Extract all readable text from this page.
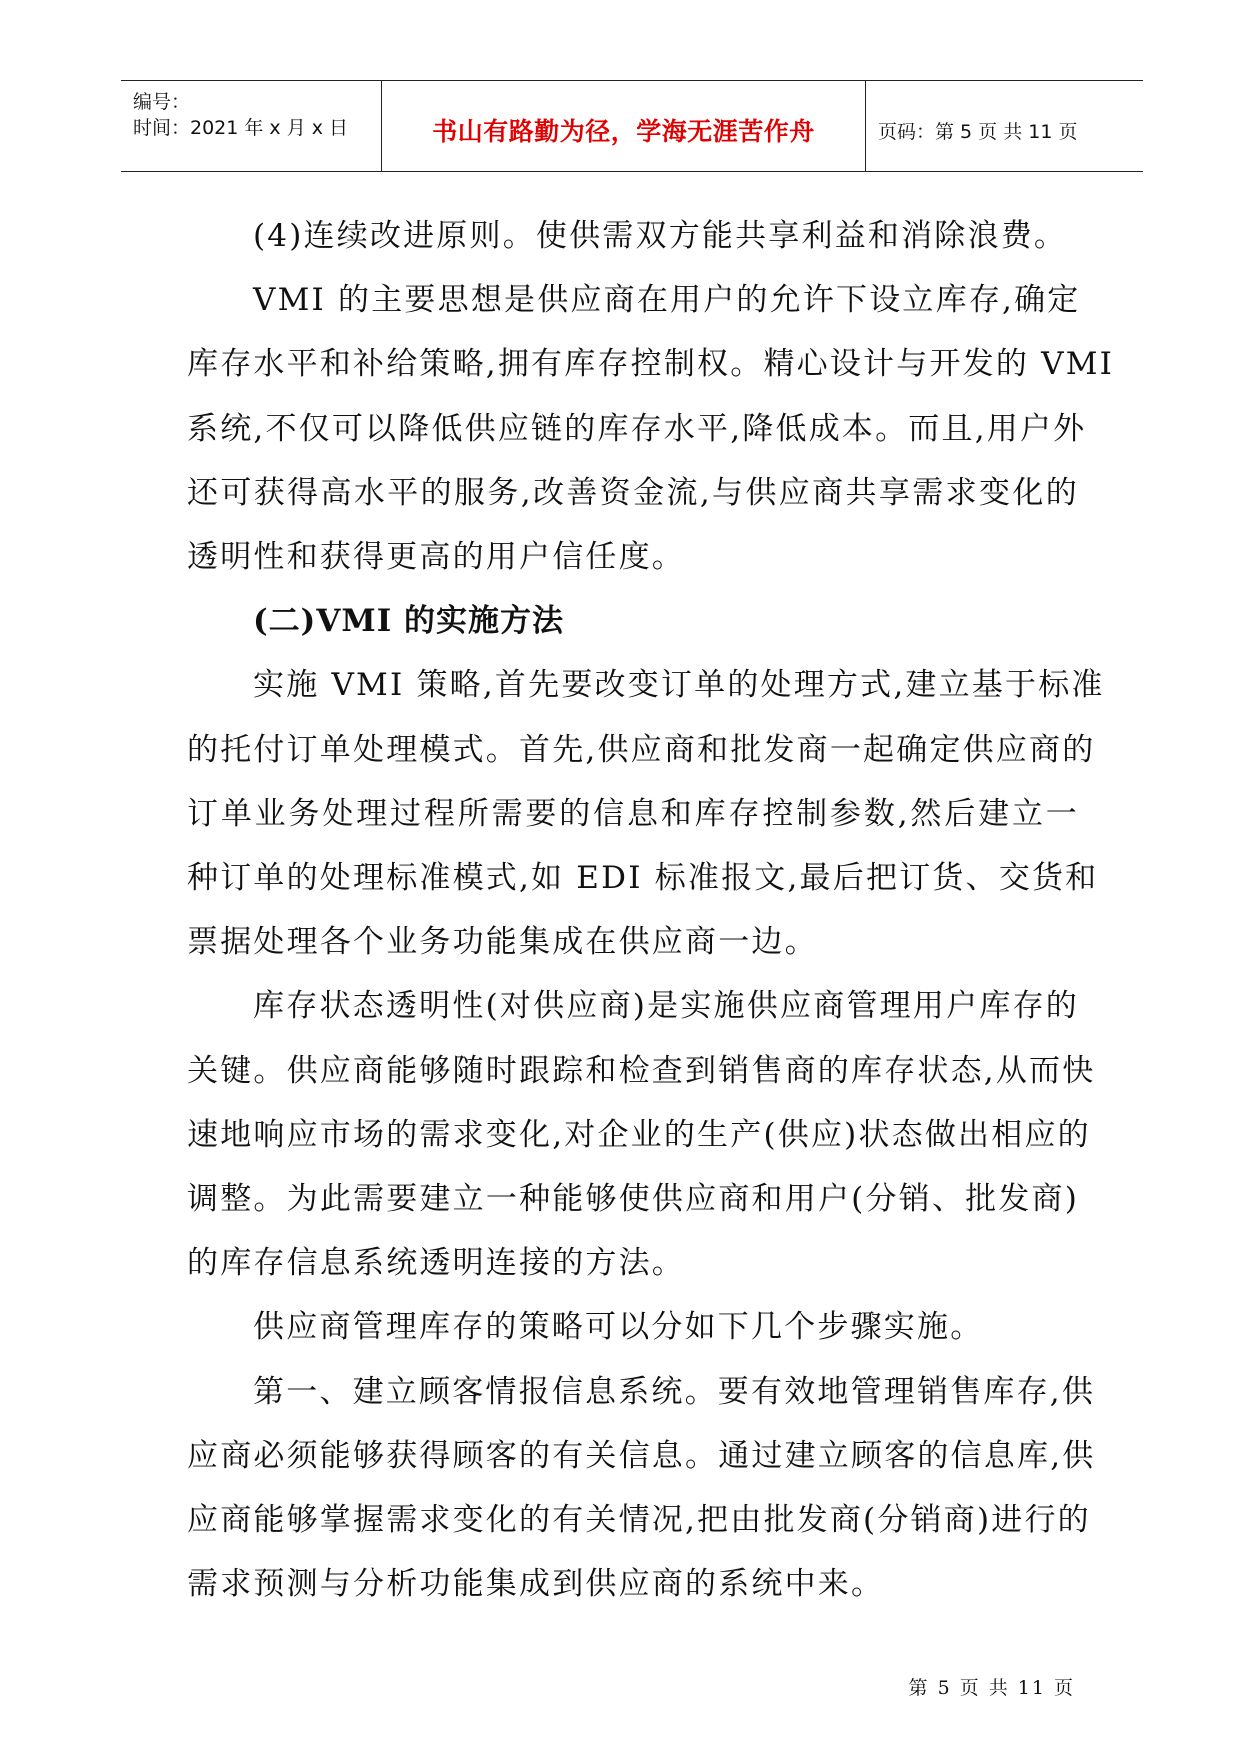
编号：
时间：2021 年 x 月 x 日	书山有路勤为径，学海无涯苦作舟	页码：第 5 页 共 11 页

(4)连续改进原则。使供需双方能共享利益和消除浪费。

VMI 的主要思想是供应商在用户的允许下设立库存,确定
库存水平和补给策略,拥有库存控制权。精心设计与开发的 VMI
系统,不仅可以降低供应链的库存水平,降低成本。而且,用户外
还可获得高水平的服务,改善资金流,与供应商共享需求变化的
透明性和获得更高的用户信任度。

(二)VMI 的实施方法

实施 VMI 策略,首先要改变订单的处理方式,建立基于标准
的托付订单处理模式。首先,供应商和批发商一起确定供应商的
订单业务处理过程所需要的信息和库存控制参数,然后建立一
种订单的处理标准模式,如 EDI 标准报文,最后把订货、交货和
票据处理各个业务功能集成在供应商一边。

库存状态透明性(对供应商)是实施供应商管理用户库存的
关键。供应商能够随时跟踪和检查到销售商的库存状态,从而快
速地响应市场的需求变化,对企业的生产(供应)状态做出相应的
调整。为此需要建立一种能够使供应商和用户(分销、批发商)
的库存信息系统透明连接的方法。

供应商管理库存的策略可以分如下几个步骤实施。

第一、建立顾客情报信息系统。要有效地管理销售库存,供
应商必须能够获得顾客的有关信息。通过建立顾客的信息库,供
应商能够掌握需求变化的有关情况,把由批发商(分销商)进行的
需求预测与分析功能集成到供应商的系统中来。

第 5 页 共 11 页
